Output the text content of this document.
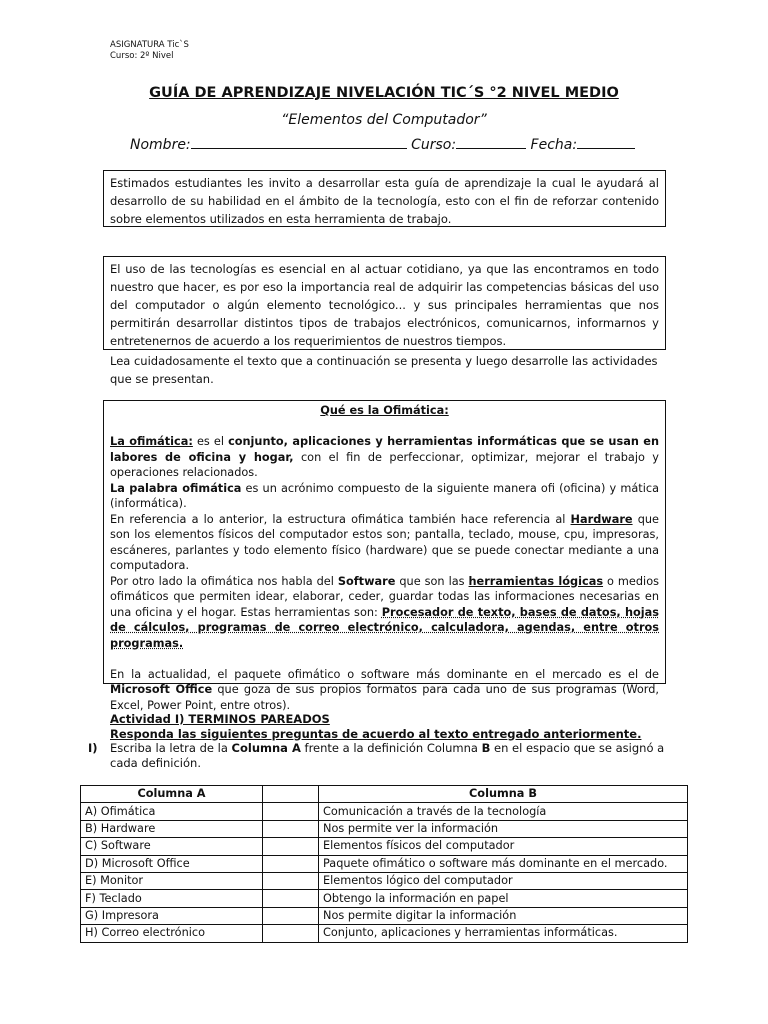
ASIGNATURA Tic`S
Curso: 2º Nivel
GUÍA DE APRENDIZAJE NIVELACIÓN TIC´S °2 NIVEL MEDIO
“Elementos del Computador”
Nombre:	Curso:	Fecha:

Estimados estudiantes les invito a desarrollar esta guía de aprendizaje la cual le ayudará al desarrollo de su habilidad en el ámbito de la tecnología, esto con el fin de reforzar contenido sobre elementos utilizados en esta herramienta de trabajo.

El uso de las tecnologías es esencial en al actuar cotidiano, ya que las encontramos en todo nuestro que hacer, es por eso la importancia real de adquirir las competencias básicas del uso del computador o algún elemento tecnológico... y sus principales herramientas que nos permitirán desarrollar distintos tipos de trabajos electrónicos, comunicarnos, informarnos y entretenernos de acuerdo a los requerimientos de nuestros tiempos.

Lea cuidadosamente el texto que a continuación se presenta y luego desarrolle las actividades que se presentan.

Qué es la Ofimática:

La ofimática: es el conjunto, aplicaciones y herramientas informáticas que se usan en labores de oficina y hogar, con el fin de perfeccionar, optimizar, mejorar el trabajo y operaciones relacionados.

La palabra ofimática es un acrónimo compuesto de la siguiente manera ofi (oficina) y mática (informática).

En referencia a lo anterior, la estructura ofimática también hace referencia al Hardware que son los elementos físicos del computador estos son; pantalla, teclado, mouse, cpu, impresoras, escáneres, parlantes y todo elemento físico (hardware) que se puede conectar mediante a una computadora.

Por otro lado la ofimática nos habla del Software que son las herramientas lógicas o medios ofimáticos que permiten idear, elaborar, ceder, guardar todas las informaciones necesarias en una oficina y el hogar. Estas herramientas son: Procesador de texto, bases de datos, hojas de cálculos, programas de correo electrónico, calculadora, agendas, entre otros programas.

En la actualidad, el paquete ofimático o software más dominante en el mercado es el de Microsoft Office que goza de sus propios formatos para cada uno de sus programas (Word, Excel, Power Point, entre otros).

Actividad I) TERMINOS PAREADOS
Responda las siguientes preguntas de acuerdo al texto entregado anteriormente.
Escriba la letra de la Columna A frente a la definición Columna B en el espacio que se asignó a cada definición.
I)
Columna A		Columna B
A) Ofimática		Comunicación a través de la tecnología
B) Hardware		Nos permite ver la información
C) Software		Elementos físicos del computador
D) Microsoft Office		Paquete ofimático o software más dominante en el mercado.
E) Monitor		Elementos lógico del computador
F) Teclado		Obtengo la información en papel
G) Impresora		Nos permite digitar la información
H) Correo electrónico		Conjunto, aplicaciones y herramientas informáticas.
